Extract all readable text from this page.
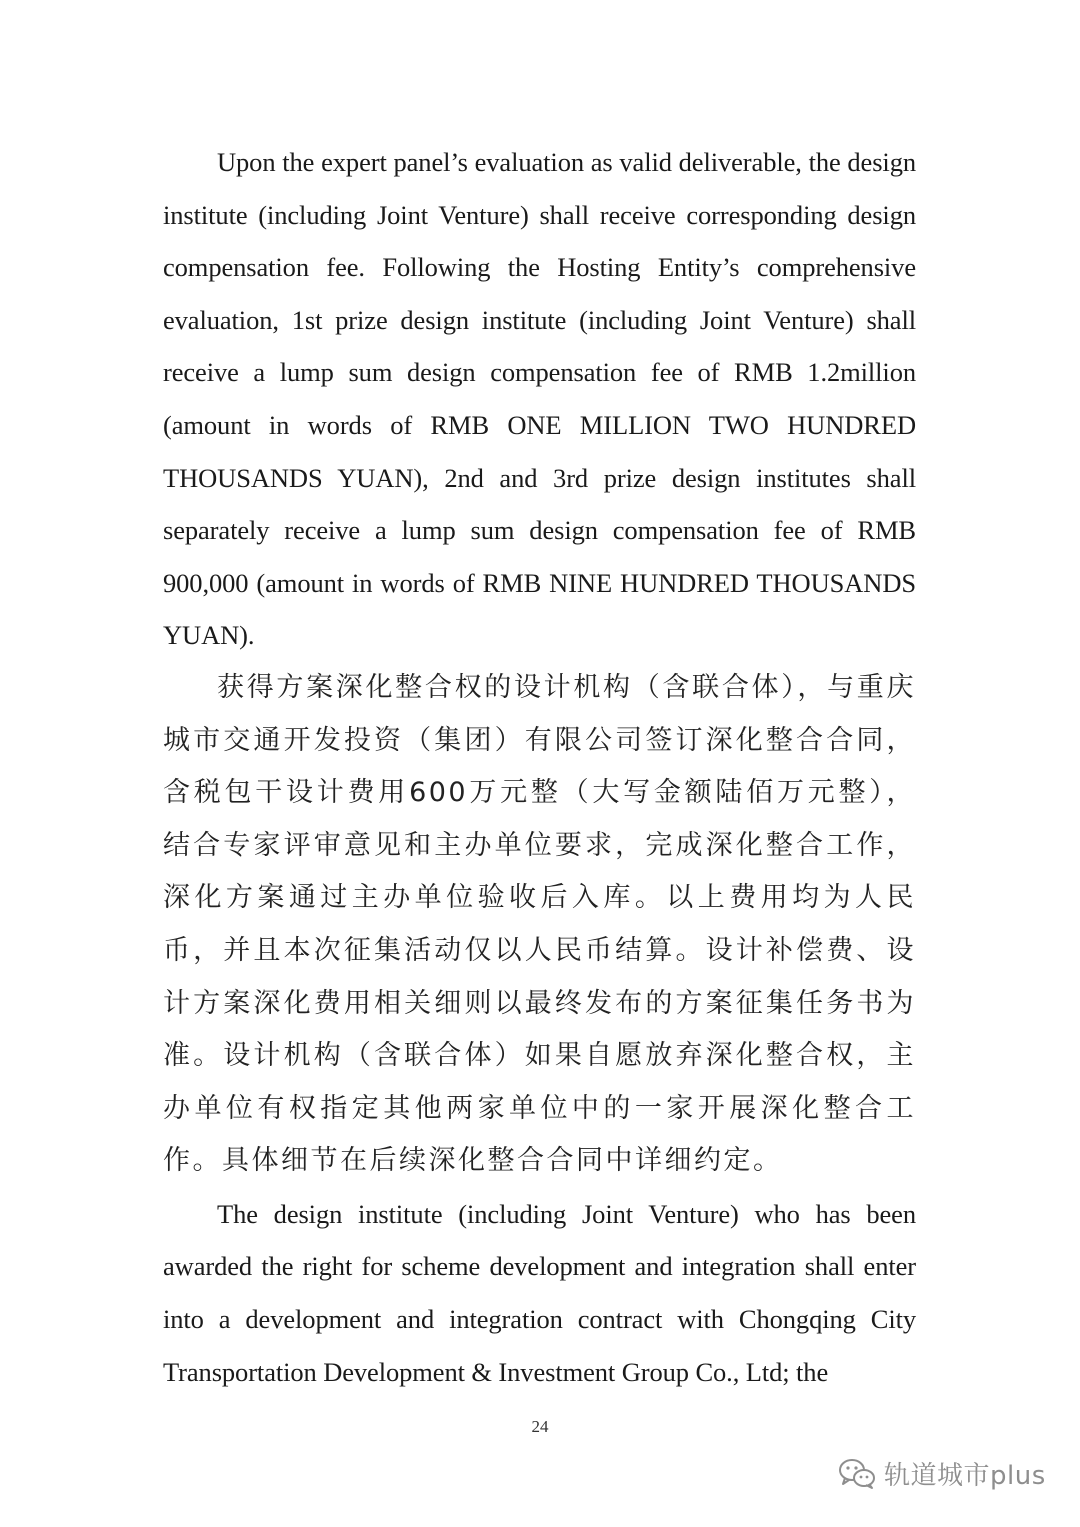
Upon the expert panel’s evaluation as valid deliverable, the design institute (including Joint Venture) shall receive corresponding design compensation fee. Following the Hosting Entity’s comprehensive evaluation, 1st prize design institute (including Joint Venture) shall receive a lump sum design compensation fee of RMB 1.2million (amount in words of RMB ONE MILLION TWO HUNDRED THOUSANDS YUAN), 2nd and 3rd prize design institutes shall separately receive a lump sum design compensation fee of RMB 900,000 (amount in words of RMB NINE HUNDRED THOUSANDS YUAN).

获得方案深化整合权的设计机构（含联合体），与重庆城市交通开发投资（集团）有限公司签订深化整合合同，含税包干设计费用600万元整（大写金额陆佰万元整），结合专家评审意见和主办单位要求，完成深化整合工作，深化方案通过主办单位验收后入库。以上费用均为人民币，并且本次征集活动仅以人民币结算。设计补偿费、设计方案深化费用相关细则以最终发布的方案征集任务书为准。设计机构（含联合体）如果自愿放弃深化整合权，主办单位有权指定其他两家单位中的一家开展深化整合工作。具体细节在后续深化整合合同中详细约定。

The design institute (including Joint Venture) who has been awarded the right for scheme development and integration shall enter into a development and integration contract with Chongqing City Transportation Development & Investment Group Co., Ltd; the

24
轨道城市plus
